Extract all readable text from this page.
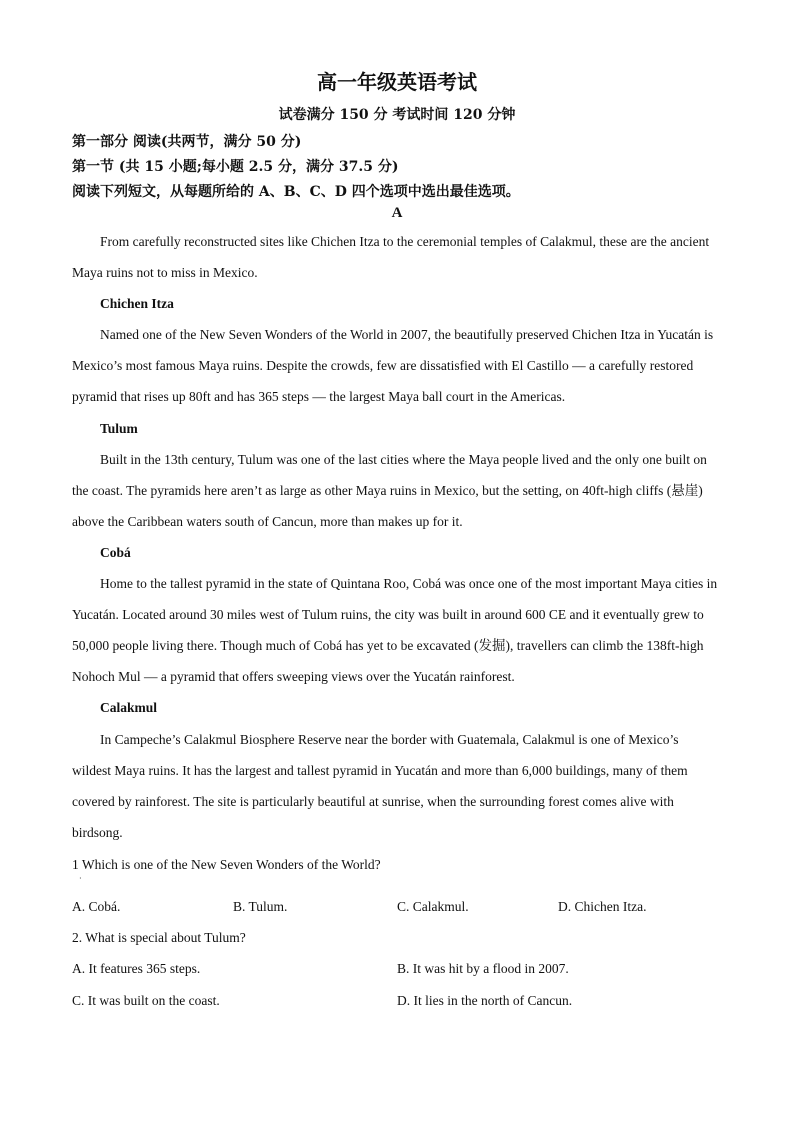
高一年级英语考试
试卷满分 150 分 考试时间 120 分钟
第一部分 阅读(共两节，满分 50 分)
第一节 (共 15 小题;每小题 2.5 分，满分 37.5 分)
阅读下列短文，从每题所给的 A、B、C、D 四个选项中选出最佳选项。
A

From carefully reconstructed sites like Chichen Itza to the ceremonial temples of Calakmul, these are the ancient Maya ruins not to miss in Mexico.

Chichen Itza

Named one of the New Seven Wonders of the World in 2007, the beautifully preserved Chichen Itza in Yucatán is Mexico’s most famous Maya ruins. Despite the crowds, few are dissatisfied with El Castillo — a carefully restored pyramid that rises up 80ft and has 365 steps — the largest Maya ball court in the Americas.

Tulum

Built in the 13th century, Tulum was one of the last cities where the Maya people lived and the only one built on the coast. The pyramids here aren’t as large as other Maya ruins in Mexico, but the setting, on 40ft-high cliffs (悬崖) above the Caribbean waters south of Cancun, more than makes up for it.

Cobá

Home to the tallest pyramid in the state of Quintana Roo, Cobá was once one of the most important Maya cities in Yucatán. Located around 30 miles west of Tulum ruins, the city was built in around 600 CE and it eventually grew to 50,000 people living there. Though much of Cobá has yet to be excavated (发掘), travellers can climb the 138ft-high Nohoch Mul — a pyramid that offers sweeping views over the Yucatán rainforest.

Calakmul

In Campeche’s Calakmul Biosphere Reserve near the border with Guatemala, Calakmul is one of Mexico’s wildest Maya ruins. It has the largest and tallest pyramid in Yucatán and more than 6,000 buildings, many of them covered by rainforest. The site is particularly beautiful at sunrise, when the surrounding forest comes alive with birdsong.

1 Which is one of the New Seven Wonders of the World?
·
A. Cobá.	B. Tulum.	C. Calakmul.	D. Chichen Itza.
2. What is special about Tulum?
A. It features 365 steps.	B. It was hit by a flood in 2007.
C. It was built on the coast.	D. It lies in the north of Cancun.
